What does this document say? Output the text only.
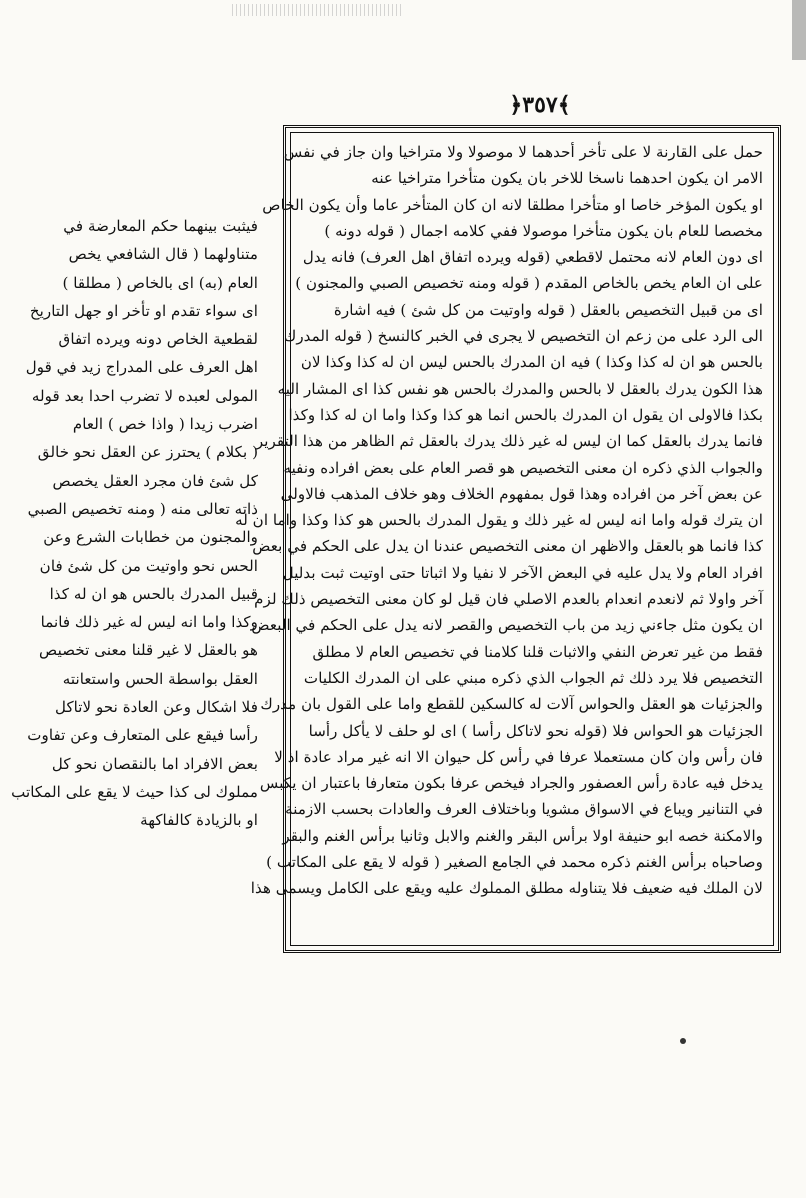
﴿٣٥٧﴾
حمل على القارنة لا على تأخر أحدهما لا موصولا ولا متراخيا وان جاز في نفس
الامر ان يكون احدهما ناسخا للاخر بان يكون متأخرا متراخيا عنه
او يكون المؤخر خاصا او متأخرا مطلقا لانه ان كان المتأخر عاما وأن يكون الخاص
مخصصا للعام بان يكون متأخرا موصولا ففي كلامه اجمال ( قوله دونه )
اى دون العام لانه محتمل لاقطعي (قوله ويرده اتفاق اهل العرف) فانه يدل
على ان العام يخص بالخاص المقدم ( قوله ومنه تخصيص الصبي والمجنون )
اى من قبيل التخصيص بالعقل ( قوله واوتيت من كل شئ ) فيه اشارة
الى الرد على من زعم ان التخصيص لا يجرى في الخبر كالنسخ ( قوله المدرك
بالحس هو ان له كذا وكذا ) فيه ان المدرك بالحس ليس ان له كذا وكذا لان
هذا الكون يدرك بالعقل لا بالحس والمدرك بالحس هو نفس كذا اى المشار اليه
بكذا فالاولى ان يقول ان المدرك بالحس انما هو كذا وكذا واما ان له كذا وكذا
فانما يدرك بالعقل كما ان ليس له غير ذلك يدرك بالعقل ثم الظاهر من هذا التقرير
والجواب الذي ذكره ان معنى التخصيص هو قصر العام على بعض افراده ونفيه
عن بعض آخر من افراده وهذا قول بمفهوم الخلاف وهو خلاف المذهب فالاولى
ان يترك قوله واما انه ليس له غير ذلك و يقول المدرك بالحس هو كذا وكذا واما ان له
كذا فانما هو بالعقل والاظهر ان معنى التخصيص عندنا ان يدل على الحكم في بعض
افراد العام ولا يدل عليه في البعض الآخر لا نفيا ولا اثباتا حتى اوتيت ثبت بدليل
آخر واولا ثم لانعدم انعدام بالعدم الاصلي فان قيل لو كان معنى التخصيص ذلك لزم
ان يكون مثل جاءني زيد من باب التخصيص والقصر لانه يدل على الحكم في البعض
فقط من غير تعرض النفي والاثبات قلنا كلامنا في تخصيص العام لا مطلق
التخصيص فلا يرد ذلك ثم الجواب الذي ذكره مبني على ان المدرك الكليات
والجزئيات هو العقل والحواس آلات له كالسكين للقطع واما على القول بان مدرك
الجزئيات هو الحواس فلا (قوله نحو لاتاكل رأسا ) اى لو حلف لا يأكل رأسا
فان رأس وان كان مستعملا عرفا في رأس كل حيوان الا انه غير مراد عادة اذ لا
يدخل فيه عادة رأس العصفور والجراد فيخص عرفا بكون متعارفا باعتبار ان يكبس
في التنانير ويباع في الاسواق مشويا وباختلاف العرف والعادات بحسب الازمنة
والامكنة خصه ابو حنيفة اولا برأس البقر والغنم والابل وثانيا برأس الغنم والبقر
وصاحباه برأس الغنم ذكره محمد في الجامع الصغير ( قوله لا يقع على المكاتب )
لان الملك فيه ضعيف فلا يتناوله مطلق المملوك عليه ويقع على الكامل ويسمى هذا
فيثبت بينهما حكم المعارضة في
متناولهما ( قال الشافعي يخص
العام (به) اى بالخاص ( مطلقا )
اى سواء تقدم او تأخر او جهل التاريخ
لقطعية الخاص دونه ويرده اتفاق
اهل العرف على المدراج زيد في قول
المولى لعبده لا تضرب احدا بعد قوله
اضرب زيدا ( واذا خص ) العام
( بكلام ) يحترز عن العقل نحو خالق
كل شئ فان مجرد العقل يخصص
ذاته تعالى منه ( ومنه تخصيص الصبي
والمجنون من خطابات الشرع وعن
الحس نحو واوتيت من كل شئ فان
قبيل المدرك بالحس هو ان له كذا
وكذا واما انه ليس له غير ذلك فانما
هو بالعقل لا غير قلنا معنى تخصيص
العقل بواسطة الحس واستعانته
فلا اشكال وعن العادة نحو لاتاكل
رأسا فيقع على المتعارف وعن تفاوت
بعض الافراد اما بالنقصان نحو كل
مملوك لى كذا حيث لا يقع على المكاتب
او بالزيادة كالفاكهة
